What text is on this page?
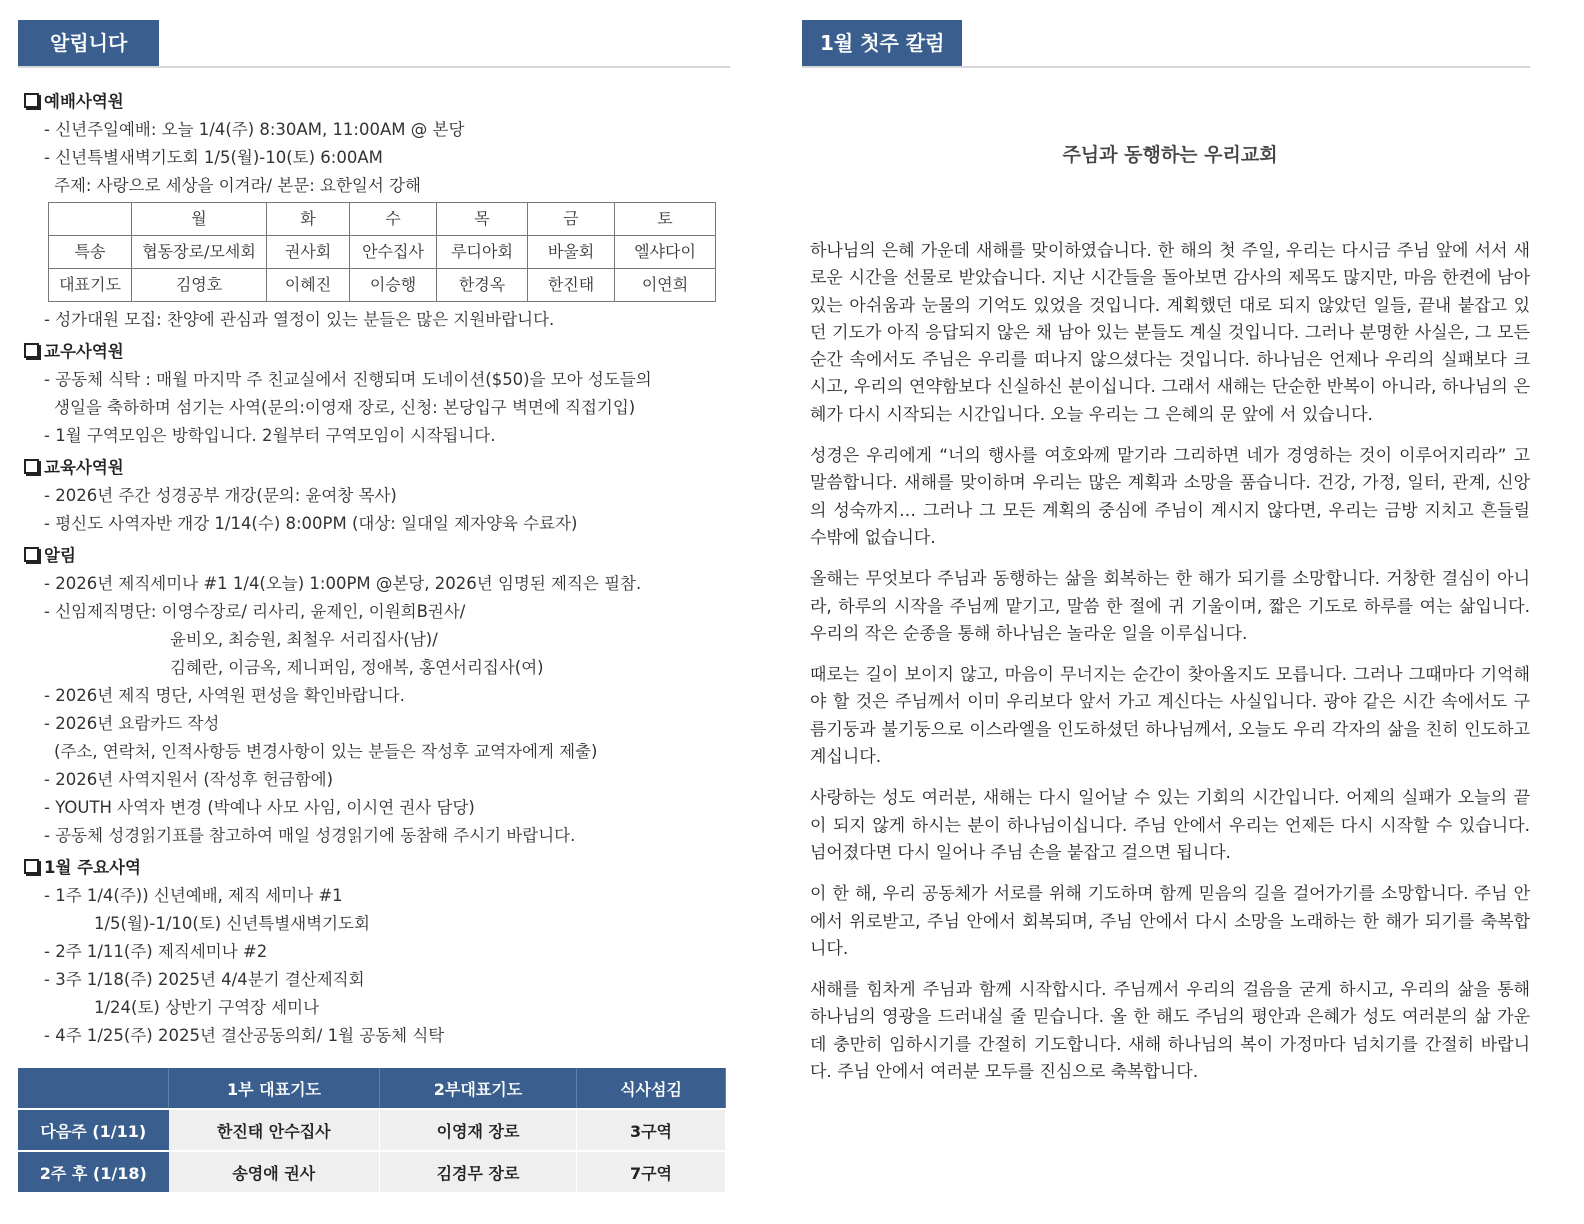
알립니다
예배사역원
- 신년주일예배: 오늘 1/4(주) 8:30AM, 11:00AM @ 본당
- 신년특별새벽기도회 1/5(월)-10(토) 6:00AM
주제: 사랑으로 세상을 이겨라/ 본문: 요한일서 강해
	월	화	수	목	금	토
특송	협동장로/모세회	권사회	안수집사	루디아회	바울회	엘샤다이
대표기도	김영호	이혜진	이승행	한경옥	한진태	이연희
- 성가대원 모집: 찬양에 관심과 열정이 있는 분들은 많은 지원바랍니다.
교우사역원
- 공동체 식탁 : 매월 마지막 주 친교실에서 진행되며 도네이션($50)을 모아 성도들의
생일을 축하하며 섬기는 사역(문의:이영재 장로, 신청: 본당입구 벽면에 직접기입)
- 1월 구역모임은 방학입니다. 2월부터 구역모임이 시작됩니다.
교육사역원
- 2026년 주간 성경공부 개강(문의: 윤여창 목사)
- 평신도 사역자반 개강 1/14(수) 8:00PM (대상: 일대일 제자양육 수료자)
알림
- 2026년 제직세미나 #1 1/4(오늘) 1:00PM @본당, 2026년 임명된 제직은 필참.
- 신임제직명단: 이영수장로/ 리사리, 윤제인, 이원희B권사/
윤비오, 최승원, 최철우 서리집사(남)/
김혜란, 이금옥, 제니퍼임, 정애복, 홍연서리집사(여)
- 2026년 제직 명단, 사역원 편성을 확인바랍니다.
- 2026년 요람카드 작성
(주소, 연락처, 인적사항등 변경사항이 있는 분들은 작성후 교역자에게 제출)
- 2026년 사역지원서 (작성후 헌금함에)
- YOUTH 사역자 변경 (박예나 사모 사임, 이시연 권사 담당)
- 공동체 성경읽기표를 참고하여 매일 성경읽기에 동참해 주시기 바랍니다.
1월 주요사역
- 1주 1/4(주)) 신년예배, 제직 세미나 #1
1/5(월)-1/10(토) 신년특별새벽기도회
- 2주 1/11(주) 제직세미나 #2
- 3주 1/18(주) 2025년 4/4분기 결산제직회
1/24(토) 상반기 구역장 세미나
- 4주 1/25(주) 2025년 결산공동의회/ 1월 공동체 식탁
	1부 대표기도	2부대표기도	식사섬김
다음주 (1/11)	한진태 안수집사	이영재 장로	3구역
2주 후 (1/18)	송영애 권사	김경무 장로	7구역
1월 첫주 칼럼
주님과 동행하는 우리교회

하나님의 은혜 가운데 새해를 맞이하였습니다. 한 해의 첫 주일, 우리는 다시금 주님 앞에 서서 새로운 시간을 선물로 받았습니다. 지난 시간들을 돌아보면 감사의 제목도 많지만, 마음 한켠에 남아 있는 아쉬움과 눈물의 기억도 있었을 것입니다. 계획했던 대로 되지 않았던 일들, 끝내 붙잡고 있던 기도가 아직 응답되지 않은 채 남아 있는 분들도 계실 것입니다. 그러나 분명한 사실은, 그 모든 순간 속에서도 주님은 우리를 떠나지 않으셨다는 것입니다. 하나님은 언제나 우리의 실패보다 크시고, 우리의 연약함보다 신실하신 분이십니다. 그래서 새해는 단순한 반복이 아니라, 하나님의 은혜가 다시 시작되는 시간입니다. 오늘 우리는 그 은혜의 문 앞에 서 있습니다.

성경은 우리에게 “너의 행사를 여호와께 맡기라 그리하면 네가 경영하는 것이 이루어지리라” 고 말씀합니다. 새해를 맞이하며 우리는 많은 계획과 소망을 품습니다. 건강, 가정, 일터, 관계, 신앙의 성숙까지… 그러나 그 모든 계획의 중심에 주님이 계시지 않다면, 우리는 금방 지치고 흔들릴 수밖에 없습니다.

올해는 무엇보다 주님과 동행하는 삶을 회복하는 한 해가 되기를 소망합니다. 거창한 결심이 아니라, 하루의 시작을 주님께 맡기고, 말씀 한 절에 귀 기울이며, 짧은 기도로 하루를 여는 삶입니다. 우리의 작은 순종을 통해 하나님은 놀라운 일을 이루십니다.

때로는 길이 보이지 않고, 마음이 무너지는 순간이 찾아올지도 모릅니다. 그러나 그때마다 기억해야 할 것은 주님께서 이미 우리보다 앞서 가고 계신다는 사실입니다. 광야 같은 시간 속에서도 구름기둥과 불기둥으로 이스라엘을 인도하셨던 하나님께서, 오늘도 우리 각자의 삶을 친히 인도하고 계십니다.

사랑하는 성도 여러분, 새해는 다시 일어날 수 있는 기회의 시간입니다. 어제의 실패가 오늘의 끝이 되지 않게 하시는 분이 하나님이십니다. 주님 안에서 우리는 언제든 다시 시작할 수 있습니다. 넘어졌다면 다시 일어나 주님 손을 붙잡고 걸으면 됩니다.

이 한 해, 우리 공동체가 서로를 위해 기도하며 함께 믿음의 길을 걸어가기를 소망합니다. 주님 안에서 위로받고, 주님 안에서 회복되며, 주님 안에서 다시 소망을 노래하는 한 해가 되기를 축복합니다.

새해를 힘차게 주님과 함께 시작합시다. 주님께서 우리의 걸음을 굳게 하시고, 우리의 삶을 통해 하나님의 영광을 드러내실 줄 믿습니다. 올 한 해도 주님의 평안과 은혜가 성도 여러분의 삶 가운데 충만히 임하시기를 간절히 기도합니다. 새해 하나님의 복이 가정마다 넘치기를 간절히 바랍니다. 주님 안에서 여러분 모두를 진심으로 축복합니다.
